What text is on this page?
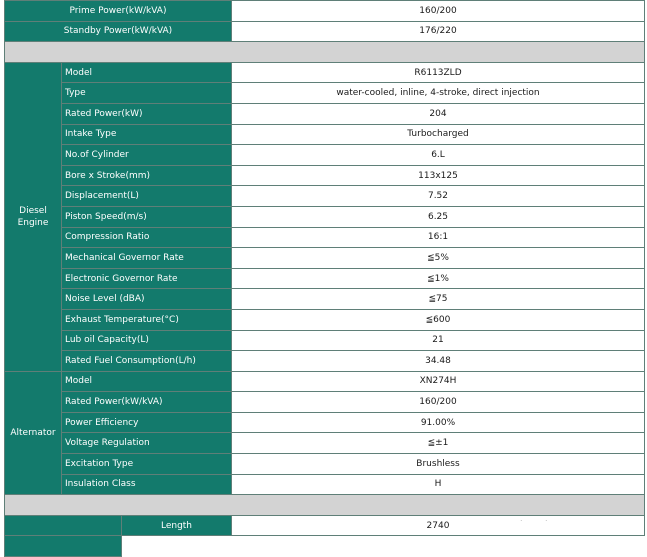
Prime Power(kW/kVA)			160/200
Standby Power(kW/kVA)			176/220

Diesel Engine	Model		R6113ZLD
	Type		water-cooled, inline, 4-stroke, direct injection
	Rated Power(kW)		204
	Intake Type		Turbocharged
	No.of Cylinder		6.L
	Bore x Stroke(mm)		113x125
	Displacement(L)		7.52
	Piston Speed(m/s)		6.25
	Compression Ratio		16:1
	Mechanical Governor Rate		≦5%
	Electronic Governor Rate		≦1%
	Noise Level (dBA)		≦75
	Exhaust Temperature(°C)		≦600
	Lub oil Capacity(L)		21
	Rated Fuel Consumption(L/h)		34.48
Alternator	Model		XN274H
	Rated Power(kW/kVA)		160/200
	Power Efficiency		91.00%
	Voltage Regulation		≦±1
	Excitation Type		Brushless
	Insulation Class		H

		Length	2740

.	.
